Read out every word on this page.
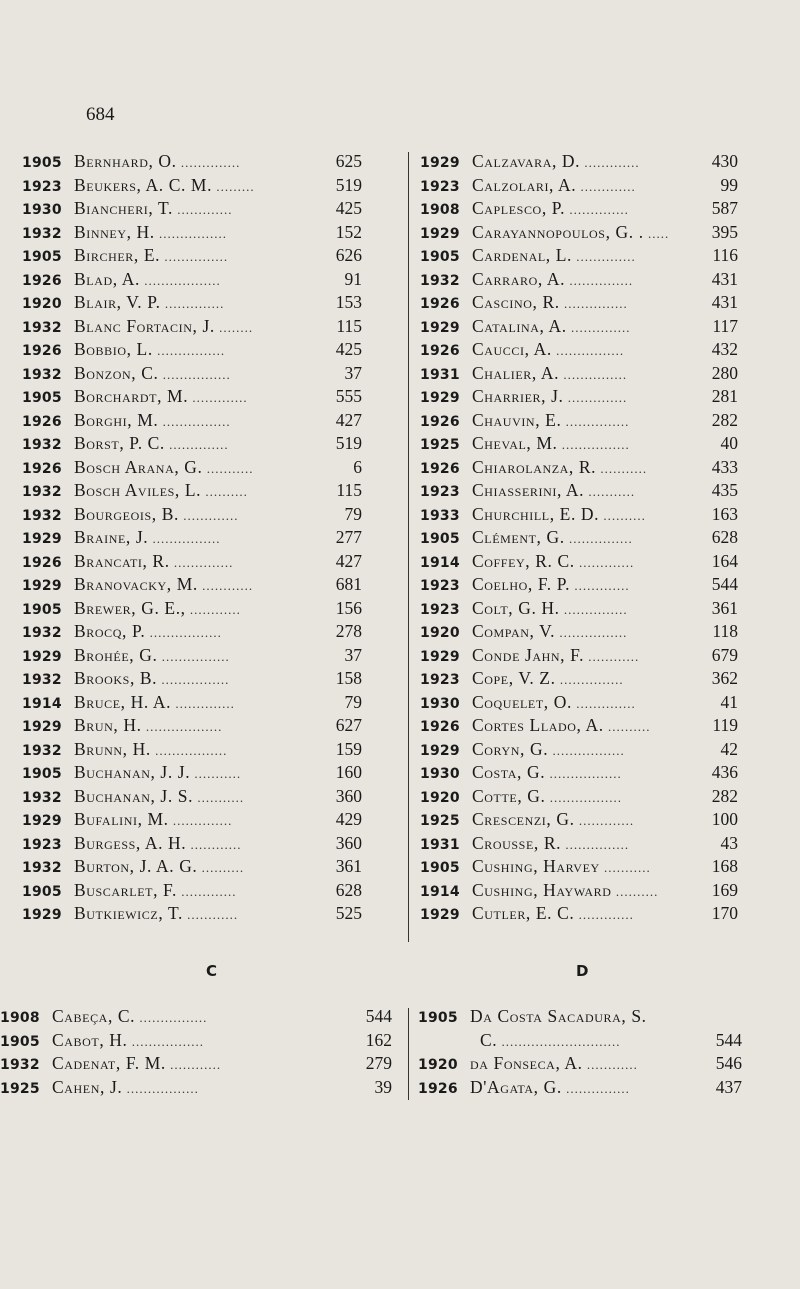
684
1905 Bernhard, O. ..............	625
1923 Beukers, A. C. M. .........	519
1930 Biancheri, T. .............	425
1932 Binney, H. ................	152
1905 Bircher, E. ...............	626
1926 Blad, A. ..................	91
1920 Blair, V. P. ..............	153
1932 Blanc Fortacin, J. ........	115
1926 Bobbio, L. ................	425
1932 Bonzon, C. ................	37
1905 Borchardt, M. .............	555
1926 Borghi, M. ................	427
1932 Borst, P. C. ..............	519
1926 Bosch Arana, G. ...........	6
1932 Bosch Aviles, L. ..........	115
1932 Bourgeois, B. .............	79
1929 Braine, J. ................	277
1926 Brancati, R. ..............	427
1929 Branovacky, M. ............	681
1905 Brewer, G. E., ............	156
1932 Brocq, P. .................	278
1929 Brohée, G. ................	37
1932 Brooks, B. ................	158
1914 Bruce, H. A. ..............	79
1929 Brun, H. ..................	627
1932 Brunn, H. .................	159
1905 Buchanan, J. J. ...........	160
1932 Buchanan, J. S. ...........	360
1929 Bufalini, M. ..............	429
1923 Burgess, A. H. ............	360
1932 Burton, J. A. G. ..........	361
1905 Buscarlet, F. .............	628
1929 Butkiewicz, T. ............	525
1929 Calzavara, D. .............	430
1923 Calzolari, A. .............	99
1908 Caplesco, P. ..............	587
1929 Carayannopoulos, G. . ..... 395
1905 Cardenal, L. ..............	116
1932 Carraro, A. ...............	431
1926 Cascino, R. ...............	431
1929 Catalina, A. ..............	117
1926 Caucci, A. ................	432
1931 Chalier, A. ...............	280
1929 Charrier, J. ..............	281
1926 Chauvin, E. ...............	282
1925 Cheval, M. ................	40
1926 Chiarolanza, R. ...........	433
1923 Chiasserini, A. ...........	435
1933 Churchill, E. D. ..........	163
1905 Clément, G. ...............	628
1914 Coffey, R. C. .............	164
1923 Coelho, F. P. .............	544
1923 Colt, G. H. ...............	361
1920 Compan, V. ................	118
1929 Conde Jahn, F. ............	679
1923 Cope, V. Z. ...............	362
1930 Coquelet, O. ..............	41
1926 Cortes Llado, A. ..........	119
1929 Coryn, G. .................	42
1930 Costa, G. .................	436
1920 Cotte, G. .................	282
1925 Crescenzi, G. .............	100
1931 Crousse, R. ...............	43
1905 Cushing, Harvey ...........	168
1914 Cushing, Hayward ..........	169
1929 Cutler, E. C. .............	170
C	D
1908 Cabeça, C. ................	544
1905 Cabot, H. .................	162
1932 Cadenat, F. M. ............	279
1925 Cahen, J. .................	39
1905 Da Costa Sacadura, S.
C. ............................	544
1920 da Fonseca, A. ............	546
1926 D'Agata, G. ...............	437
